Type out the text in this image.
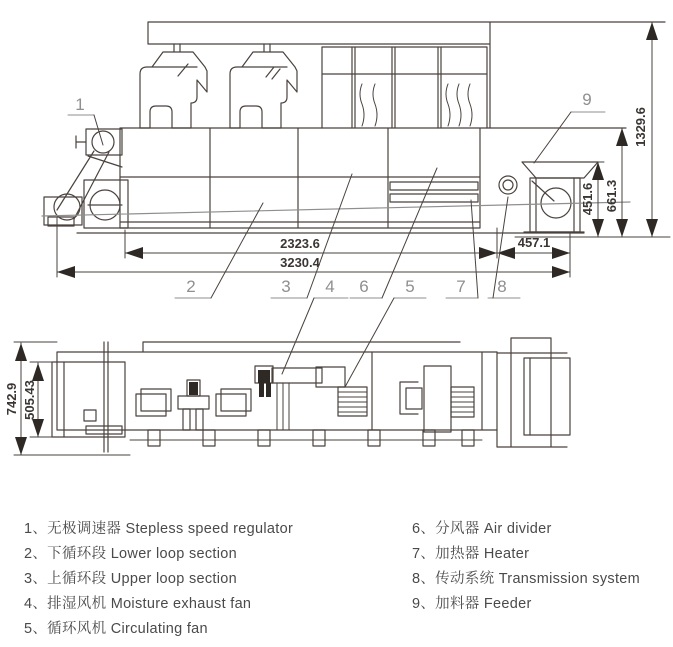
2323.6
3230.4
457.1
451.6 661.3
1329.6
1
2	3 4 6 5 7 8
9
742.9 505.43
1、无极调速器 Stepless speed regulator
2、下循环段 Lower loop section
3、上循环段 Upper loop section
4、排湿风机 Moisture exhaust fan
5、循环风机 Circulating fan
6、分风器 Air divider
7、加热器 Heater
8、传动系统 Transmission system
9、加料器 Feeder
